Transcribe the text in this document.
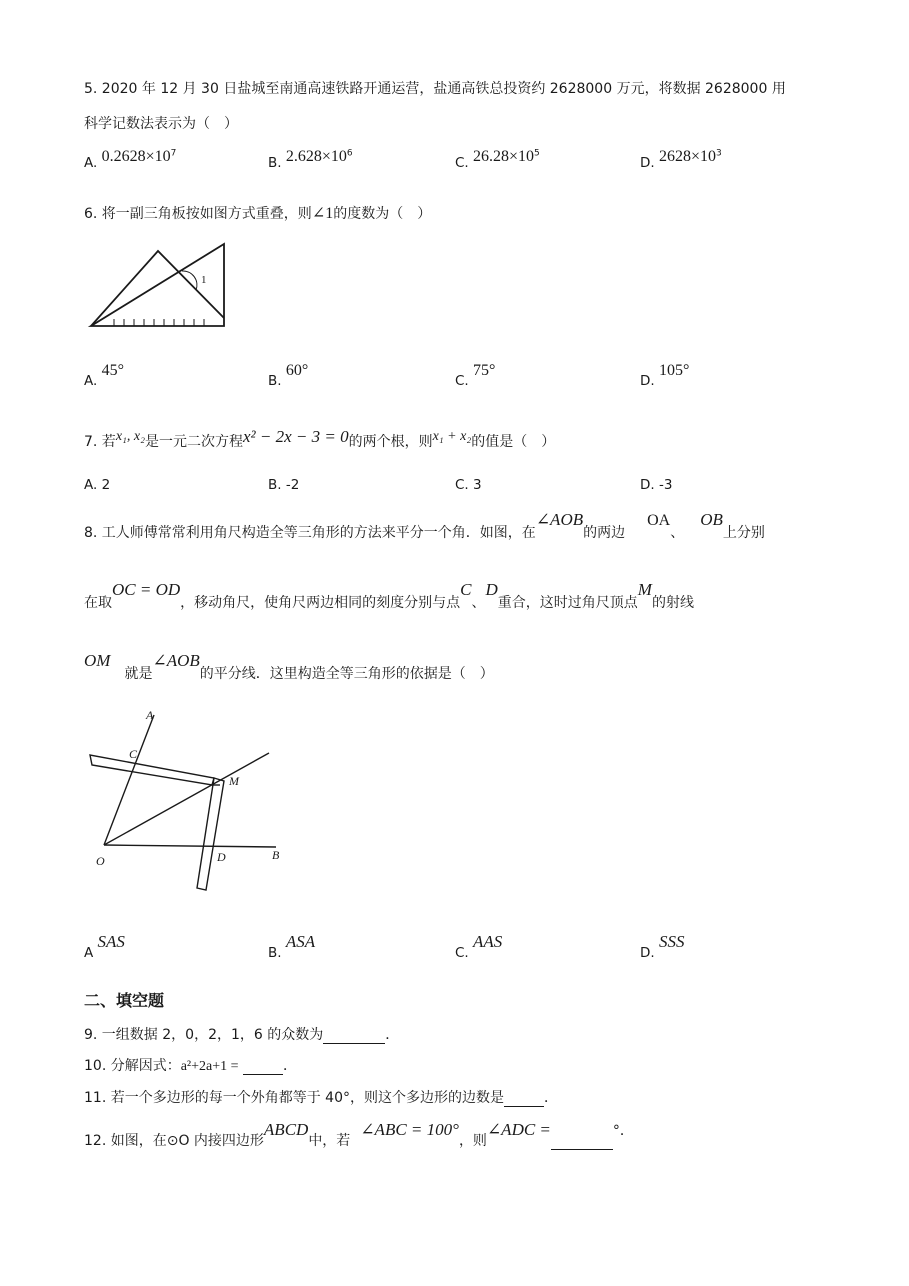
5. 2020 年 12 月 30 日盐城至南通高速铁路开通运营，盐通高铁总投资约 2628000 万元，将数据 2628000 用
科学记数法表示为（　）
A. $0.2628\times 10^7$
B. $2.628\times 10^6$
C. $26.28\times 10^5$
D. $2628\times 10^3$
6. 将一副三角板按如图方式重叠，则∠1的度数为（　）
1
A. 45°
B. 60°
C. 75°
D. 105°
7. 若x₁, x₂是一元二次方程x² − 2x − 3 = 0的两个根，则x₁ + x₂的值是（　）
A. 2	B. -2	C. 3	D. -3
8. 工人师傅常常利用角尺构造全等三角形的方法来平分一个角．如图，在∠AOB的两边OA、OB上分别
在取OC = OD，移动角尺，使角尺两边相同的刻度分别与点C、D重合，这时过角尺顶点M的射线
OM就是∠AOB的平分线．这里构造全等三角形的依据是（　）
A
C
M
O	D	B
A SAS
B. ASA
C. AAS
D. SSS
二、填空题
9. 一组数据 2，0，2，1，6 的众数为	．
10. 分解因式：a²+2a+1 =	．
11. 若一个多边形的每一个外角都等于 40°，则这个多边形的边数是	．
12. 如图，在⊙O 内接四边形ABCD中，若∠ABC = 100°，则∠ADC =	°．
